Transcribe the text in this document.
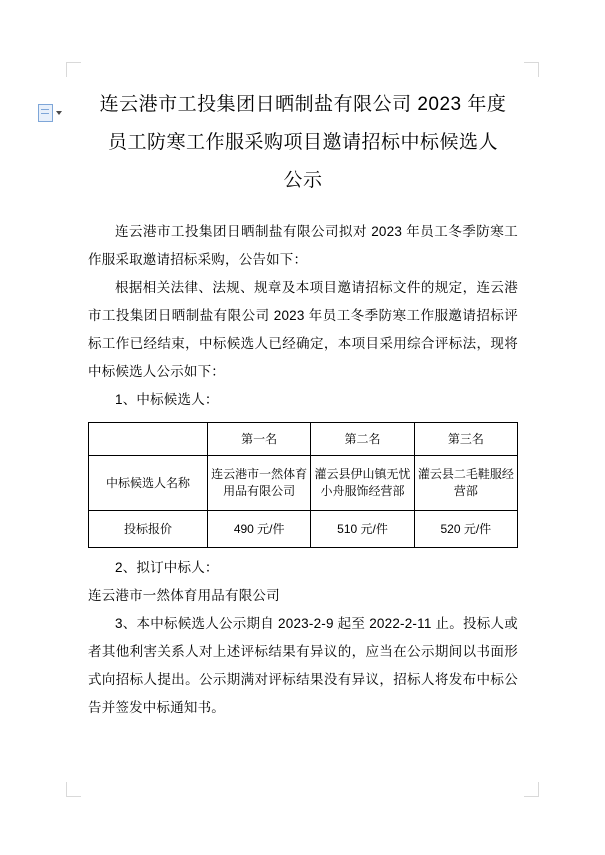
连云港市工投集团日晒制盐有限公司 2023 年度
员工防寒工作服采购项目邀请招标中标候选人
公示

连云港市工投集团日晒制盐有限公司拟对 2023 年员工冬季防寒工作服采取邀请招标采购，公告如下：

根据相关法律、法规、规章及本项目邀请招标文件的规定，连云港市工投集团日晒制盐有限公司 2023 年员工冬季防寒工作服邀请招标评标工作已经结束，中标候选人已经确定，本项目采用综合评标法，现将中标候选人公示如下：

1、中标候选人：

	第一名	第二名	第三名
中标候选人名称	连云港市一然体育用品有限公司	灌云县伊山镇无忧小舟服饰经营部	灌云县二毛鞋服经营部
投标报价	490 元/件	510 元/件	520 元/件

2、拟订中标人：

连云港市一然体育用品有限公司

3、本中标候选人公示期自 2023-2-9 起至 2022-2-11 止。投标人或者其他利害关系人对上述评标结果有异议的，应当在公示期间以书面形式向招标人提出。公示期满对评标结果没有异议，招标人将发布中标公告并签发中标通知书。
